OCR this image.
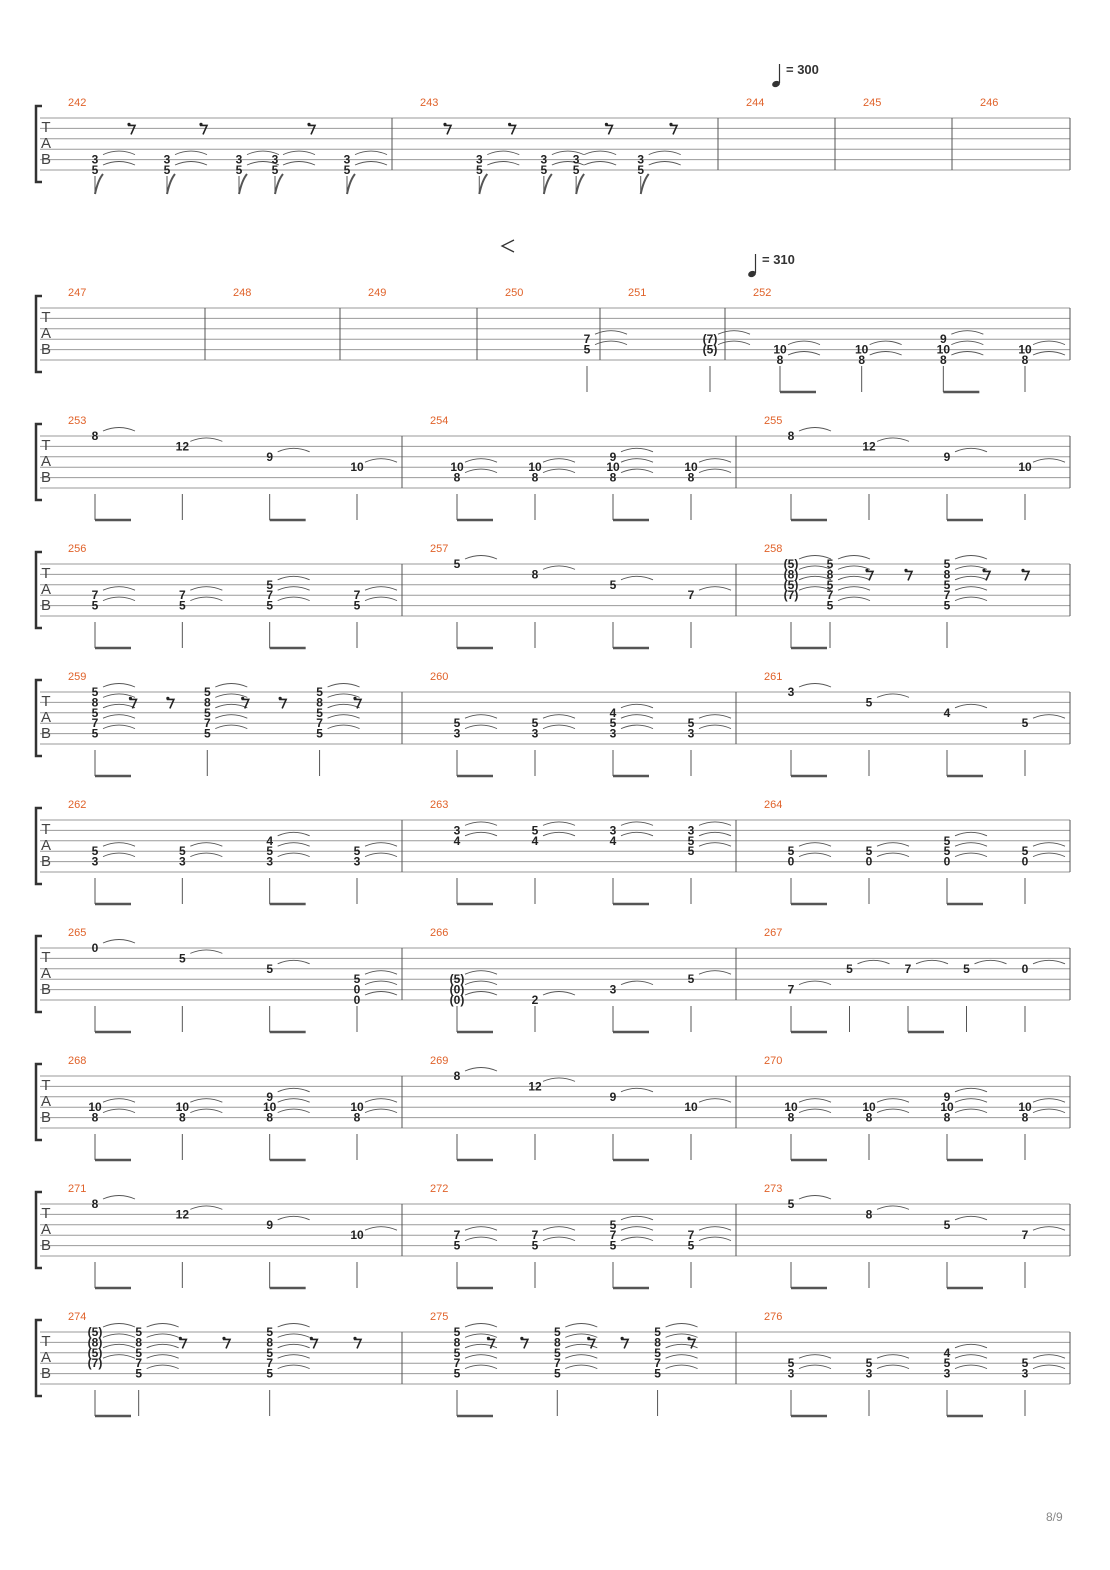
T
A
B
242
3
5
3
5
3
5
3
5
3
5
243
3
5
3
5
3
5
3
5
244	245	246
T
A
B
247	248	249	250
7
5
251
(7)
(5)
252
10
8
10
8
9
10
8
10
8
T
A
B
253
8
12
9
10
254
10
8
10
8
9
10
8
10
8
255
8
12
9
10
T
A
B
256
7
5
7
5
5
7
5
7
5
257
5
8
5
7
258
(5)
(8)
(5)
(7)
5
8
5
7
5
5
8
5
7
5
T
A
B
259
5
8
5
7
5
5
8
5
7
5
5
8
5
7
5
260
5
3
5
3
4
5
3
5
3
261
3
5
4
5
T
A
B
262
5
3
5
3
4
5
3
5
3
263
3
4
5
4
3
4
3
5
5
264
5
0
5
0
5
5
0
5
0
T
A
B
265
0
5
5
5
0
0
266
(5)
(0)
(0)	2
3
5
267
7
5	7	5	0
T
A
B
268
10
8
10
8
9
10
8
10
8
269
8
12
9
10
270
10
8
10
8
9
10
8
10
8
T
A
B
271
8
12
9
10
272
7
5
7
5
5
7
5
7
5
273
5
8
5
7
T
A
B
274
(5)
(8)
(5)
(7)
5
8
5
7
5
5
8
5
7
5
275
5
8
5
7
5
5
8
5
7
5
5
8
5
7
5
276
5
3
5
3
4
5
3
5
3
= 300
= 310
8/9
